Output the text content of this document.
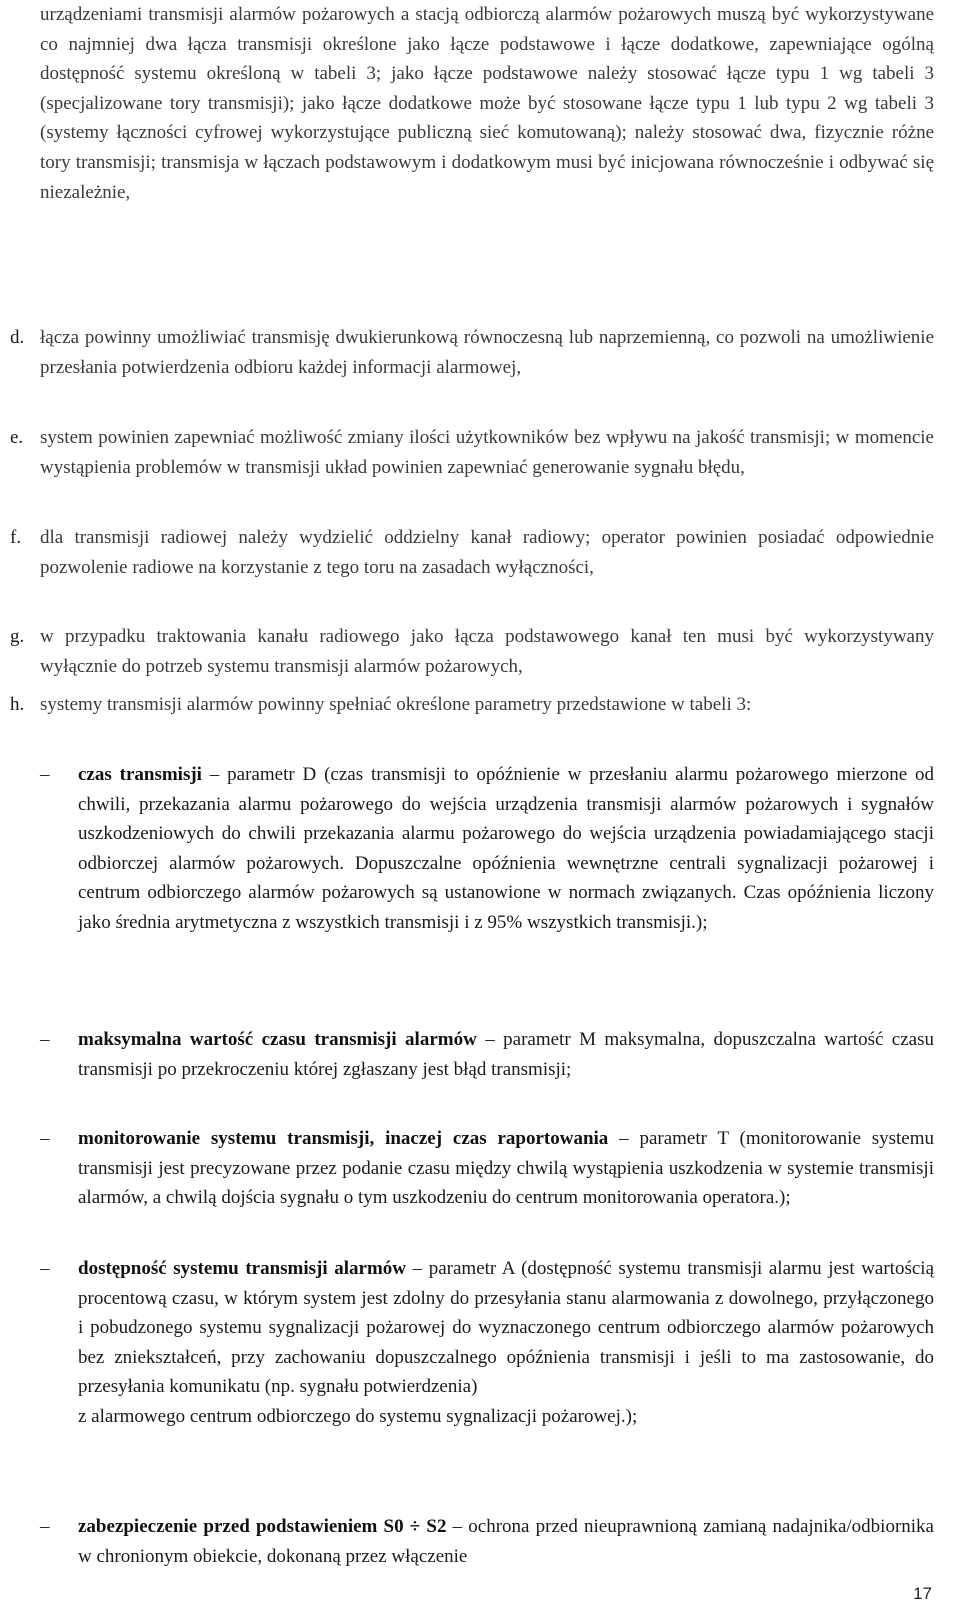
urządzeniami transmisji alarmów pożarowych a stacją odbiorczą alarmów pożarowych muszą być wykorzystywane co najmniej dwa łącza transmisji określone jako łącze podstawowe i łącze dodatkowe, zapewniające ogólną dostępność systemu określoną w tabeli 3; jako łącze podstawowe należy stosować łącze typu 1 wg tabeli 3 (specjalizowane tory transmisji); jako łącze dodatkowe może być stosowane łącze typu 1 lub typu 2 wg tabeli 3 (systemy łączności cyfrowej wykorzystujące publiczną sieć komutowaną); należy stosować dwa, fizycznie różne tory transmisji; transmisja w łączach podstawowym i dodatkowym musi być inicjowana równocześnie i odbywać się niezależnie,
d. łącza powinny umożliwiać transmisję dwukierunkową równoczesną lub naprzemienną, co pozwoli na umożliwienie przesłania potwierdzenia odbioru każdej informacji alarmowej,
e. system powinien zapewniać możliwość zmiany ilości użytkowników bez wpływu na jakość transmisji; w momencie wystąpienia problemów w transmisji układ powinien zapewniać generowanie sygnału błędu,
f. dla transmisji radiowej należy wydzielić oddzielny kanał radiowy; operator powinien posiadać odpowiednie pozwolenie radiowe na korzystanie z tego toru na zasadach wyłączności,
g. w przypadku traktowania kanału radiowego jako łącza podstawowego kanał ten musi być wykorzystywany wyłącznie do potrzeb systemu transmisji alarmów pożarowych,
h. systemy transmisji alarmów powinny spełniać określone parametry przedstawione w tabeli 3:
–	czas transmisji – parametr D (czas transmisji to opóźnienie w przesłaniu alarmu pożarowego mierzone od chwili, przekazania alarmu pożarowego do wejścia urządzenia transmisji alarmów pożarowych i sygnałów uszkodzeniowych do chwili przekazania alarmu pożarowego do wejścia urządzenia powiadamiającego stacji odbiorczej alarmów pożarowych. Dopuszczalne opóźnienia wewnętrzne centrali sygnalizacji pożarowej i centrum odbiorczego alarmów pożarowych są ustanowione w normach związanych. Czas opóźnienia liczony jako średnia arytmetyczna z wszystkich transmisji i z 95% wszystkich transmisji.);
–	maksymalna wartość czasu transmisji alarmów – parametr M maksymalna, dopuszczalna wartość czasu transmisji po przekroczeniu której zgłaszany jest błąd transmisji;
–	monitorowanie systemu transmisji, inaczej czas raportowania – parametr T (monitorowanie systemu transmisji jest precyzowane przez podanie czasu między chwilą wystąpienia uszkodzenia w systemie transmisji alarmów, a chwilą dojścia sygnału o tym uszkodzeniu do centrum monitorowania operatora.);
–	dostępność systemu transmisji alarmów – parametr A (dostępność systemu transmisji alarmu jest wartością procentową czasu, w którym system jest zdolny do przesyłania stanu alarmowania z dowolnego, przyłączonego i pobudzonego systemu sygnalizacji pożarowej do wyznaczonego centrum odbiorczego alarmów pożarowych bez zniekształceń, przy zachowaniu dopuszczalnego opóźnienia transmisji i jeśli to ma zastosowanie, do przesyłania komunikatu (np. sygnału potwierdzenia)
z alarmowego centrum odbiorczego do systemu sygnalizacji pożarowej.);
–	zabezpieczenie przed podstawieniem S0 ÷ S2 – ochrona przed nieuprawnioną zamianą nadajnika/odbiornika w chronionym obiekcie, dokonaną przez włączenie
17
